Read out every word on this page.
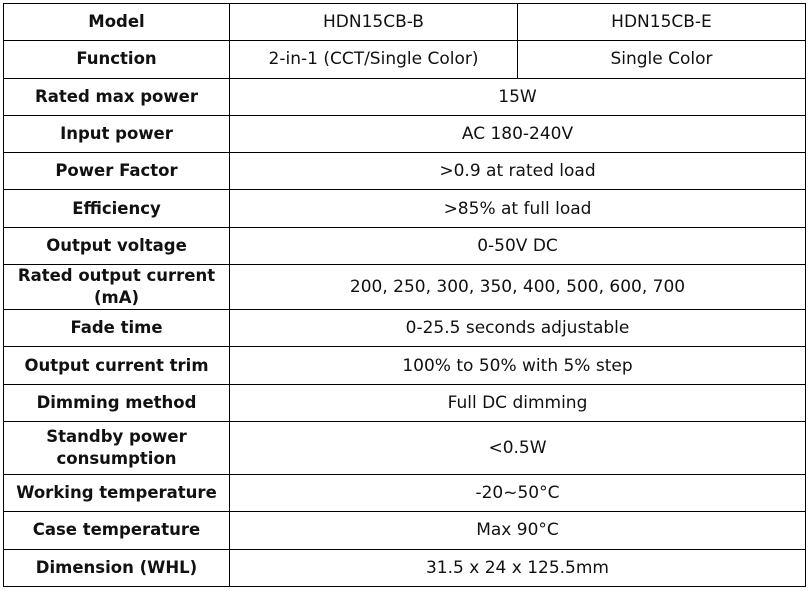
Model	HDN15CB-B	HDN15CB-E
Function	2-in-1 (CCT/Single Color)	Single Color
Rated max power	15W	
Input power	AC 180-240V	
Power Factor	>0.9 at rated load	
Efficiency	>85% at full load	
Output voltage	0-50V DC	
Rated output current (mA)	200, 250, 300, 350, 400, 500, 600, 700	
Fade time	0-25.5 seconds adjustable	
Output current trim	100% to 50% with 5% step	
Dimming method	Full DC dimming	
Standby power consumption	<0.5W	
Working temperature	-20~50°C	
Case temperature	Max 90°C	
Dimension (WHL)	31.5 x 24 x 125.5mm	
